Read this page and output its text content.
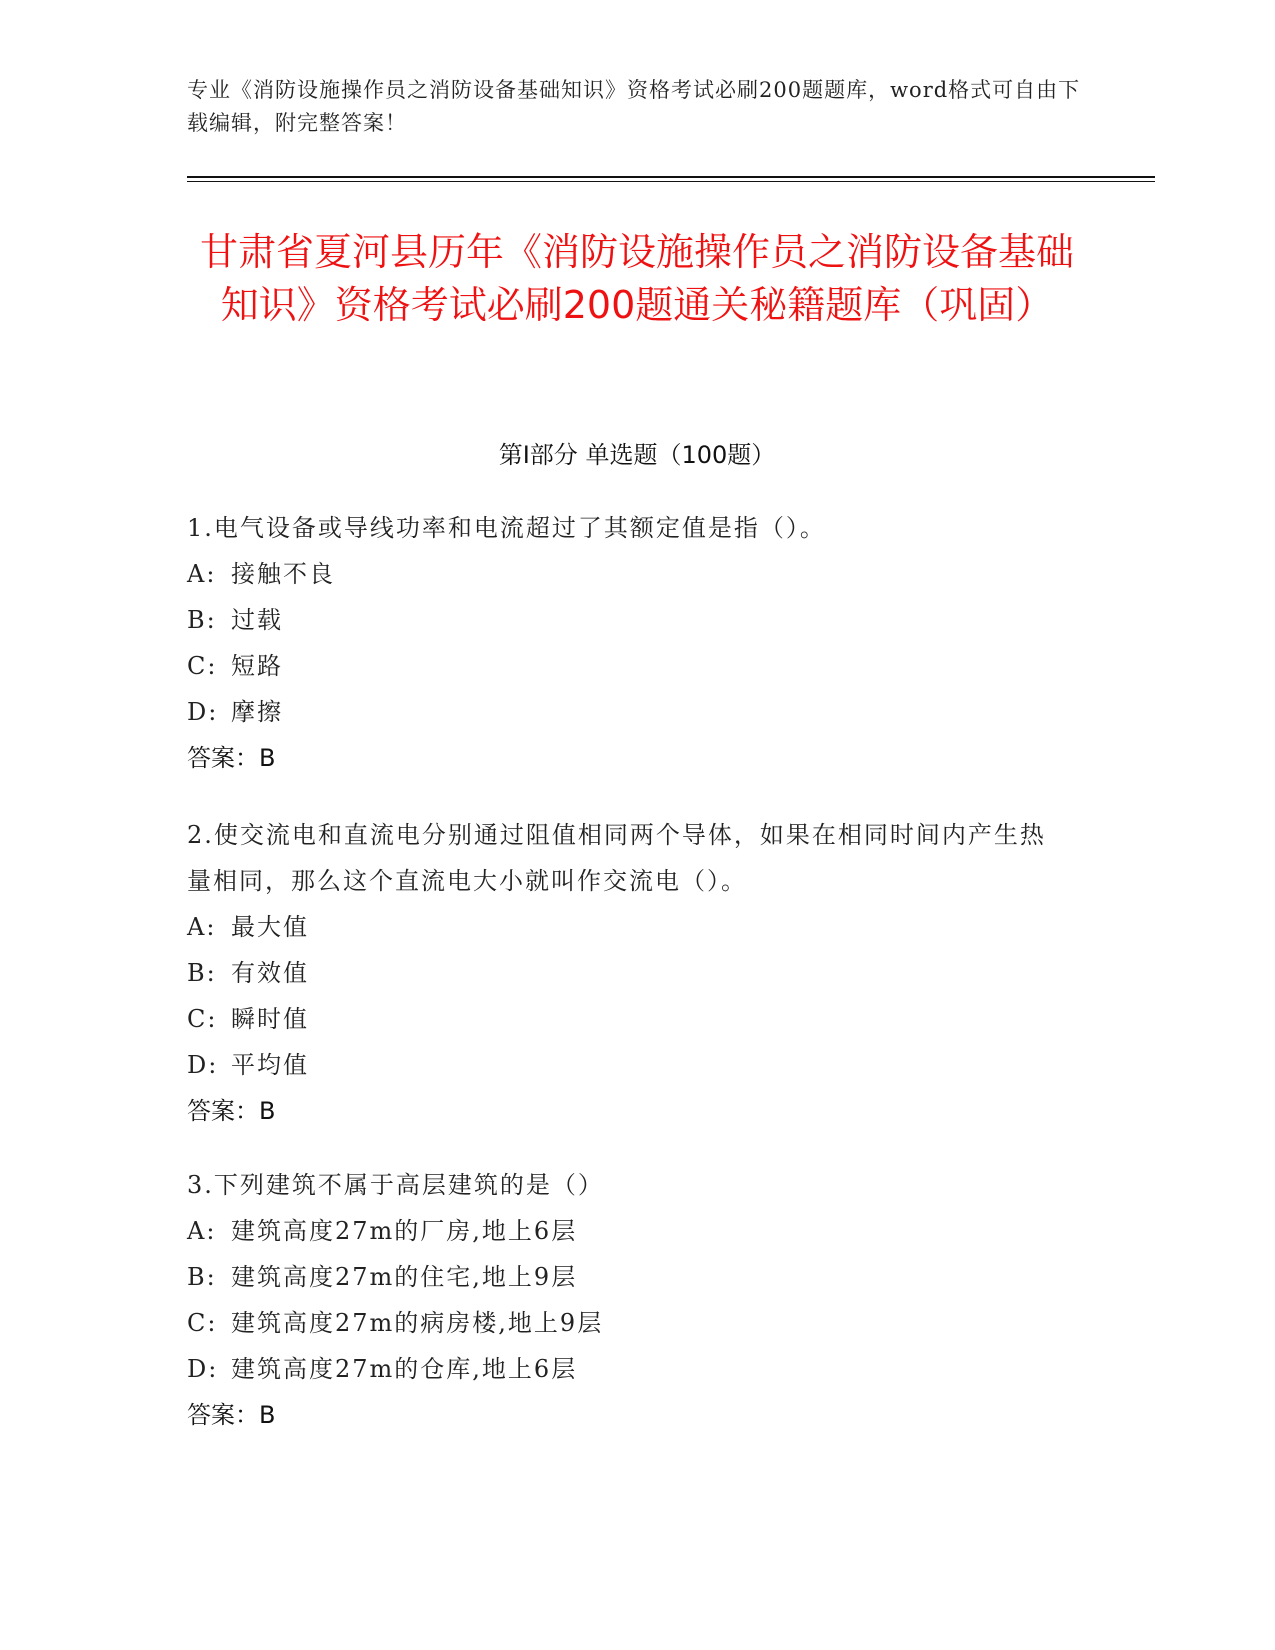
专业《消防设施操作员之消防设备基础知识》资格考试必刷200题题库，word格式可自由下载编辑，附完整答案！
甘肃省夏河县历年《消防设施操作员之消防设备基础知识》资格考试必刷200题通关秘籍题库（巩固）
第I部分 单选题（100题）

1.电气设备或导线功率和电流超过了其额定值是指（）。

A: 接触不良

B: 过载

C: 短路

D: 摩擦

答案：B

2.使交流电和直流电分别通过阻值相同两个导体，如果在相同时间内产生热量相同，那么这个直流电大小就叫作交流电（）。

A: 最大值

B: 有效值

C: 瞬时值

D: 平均值

答案：B

3.下列建筑不属于高层建筑的是（）

A: 建筑高度27m的厂房,地上6层

B: 建筑高度27m的住宅,地上9层

C: 建筑高度27m的病房楼,地上9层

D: 建筑高度27m的仓库,地上6层

答案：B
